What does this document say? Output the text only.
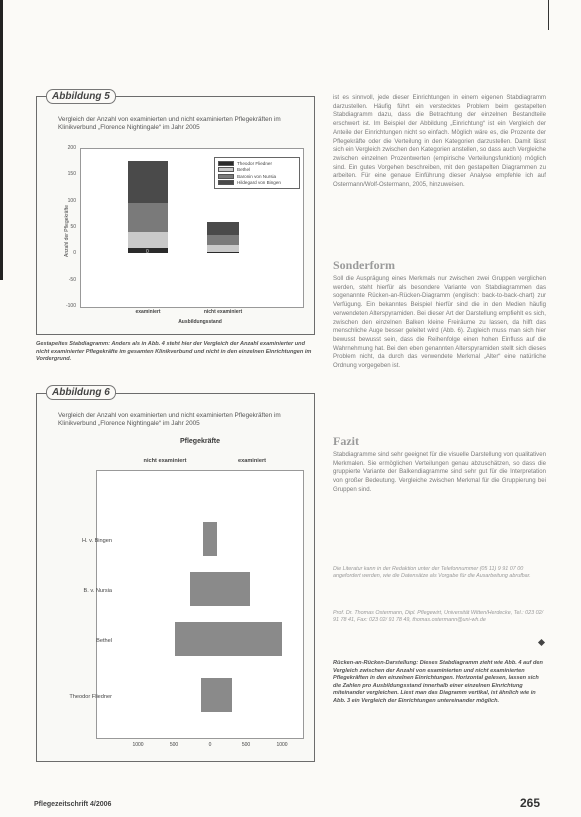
Abbildung 5
Vergleich der Anzahl von examinierten und nicht examinierten Pflegekräften im Klinikverbund „Florence Nightingale“ im Jahr 2005
Anzahl der Pflegekräfte
200
150
100
50
0
-50
-100
0
examiniert	nicht examiniert
Ausbildungsstand
Theodor Fliedner
Bethel
Baronin von Nursia
Hildegard von Bingen
Gestapeltes Stabdiagramm: Anders als in Abb. 4 steht hier der Vergleich der Anzahl examinierter und nicht examinierter Pflegekräfte im gesamten Klinikverbund und nicht in den einzelnen Einrichtungen im Vordergrund.
Abbildung 6
Vergleich der Anzahl von examinierten und nicht examinierten Pflegekräften im Klinikverbund „Florence Nightingale“ im Jahr 2005
Pflegekräfte
nicht examiniert	examiniert
H. v. Bingen
B. v. Nursia
Bethel
Theodor Fliedner
1000	500	0	500	1000
ist es sinnvoll, jede dieser Einrichtungen in einem eigenen Stabdiagramm darzustellen. Häufig führt ein verstecktes Problem beim gestapelten Stabdiagramm dazu, dass die Betrachtung der einzelnen Bestandteile erschwert ist. Im Beispiel der Abbildung „Einrichtung“ ist ein Vergleich der Anteile der Einrichtungen nicht so einfach. Möglich wäre es, die Prozente der Pflegekräfte oder die Verteilung in den Kategorien darzustellen. Damit lässt sich ein Vergleich zwischen den Kategorien anstellen, so dass auch Vergleiche zwischen einzelnen Prozentwerten (empirische Verteilungsfunktion) möglich sind. Ein gutes Vorgehen beschreiben, mit den gestapelten Diagrammen zu arbeiten. Für eine genaue Einführung dieser Analyse empfehle ich auf Ostermann/Wolf-Ostermann, 2005, hinzuweisen.
Sonderform
Soll die Ausprägung eines Merkmals nur zwischen zwei Gruppen verglichen werden, steht hierfür als besondere Variante von Stabdiagrammen das sogenannte Rücken-an-Rücken-Diagramm (englisch: back-to-back-chart) zur Verfügung. Ein bekanntes Beispiel hierfür sind die in den Medien häufig verwendeten Alterspyramiden. Bei dieser Art der Darstellung empfiehlt es sich, zwischen den einzelnen Balken kleine Freiräume zu lassen, da hilft das menschliche Auge besser geleitet wird (Abb. 6). Zugleich muss man sich hier bewusst bewusst sein, dass die Reihenfolge einen hohen Einfluss auf die Wahrnehmung hat. Bei den eben genannten Alterspyramiden stellt sich dieses Problem nicht, da durch das verwendete Merkmal „Alter“ eine natürliche Ordnung vorgegeben ist.
Fazit
Stabdiagramme sind sehr geeignet für die visuelle Darstellung von qualitativen Merkmalen. Sie ermöglichen Verteilungen genau abzuschätzen, so dass die gruppierte Variante der Balkendiagramme sind sehr gut für die Interpretation von großer Bedeutung. Vergleiche zwischen Merkmal für die Gruppierung bei Gruppen sind.
Die Literatur kann in der Redaktion unter der Telefonnummer (05 11) 9 91 07 00 angefordert werden, wie die Datensätze als Vorgabe für die Ausarbeitung abrufbar.
Prof. Dr. Thomas Ostermann, Dipl. Pflegewirt, Universität Witten/Herdecke, Tel.: 023 02/ 91 78 41, Fax: 023 02/ 91 78 49, thomas.ostermann@uni-wh.de
Rücken-an-Rücken-Darstellung: Dieses Stabdiagramm zieht wie Abb. 4 auf den Vergleich zwischen der Anzahl von examinierten und nicht examinierten Pflegekräften in den einzelnen Einrichtungen. Horizontal gelesen, lassen sich die Zahlen pro Ausbildungsstand innerhalb einer einzelnen Einrichtung miteinander vergleichen. Liest man das Diagramm vertikal, ist ähnlich wie in Abb. 3 ein Vergleich der Einrichtungen untereinander möglich.
Pflegezeitschrift 4/2006	265
